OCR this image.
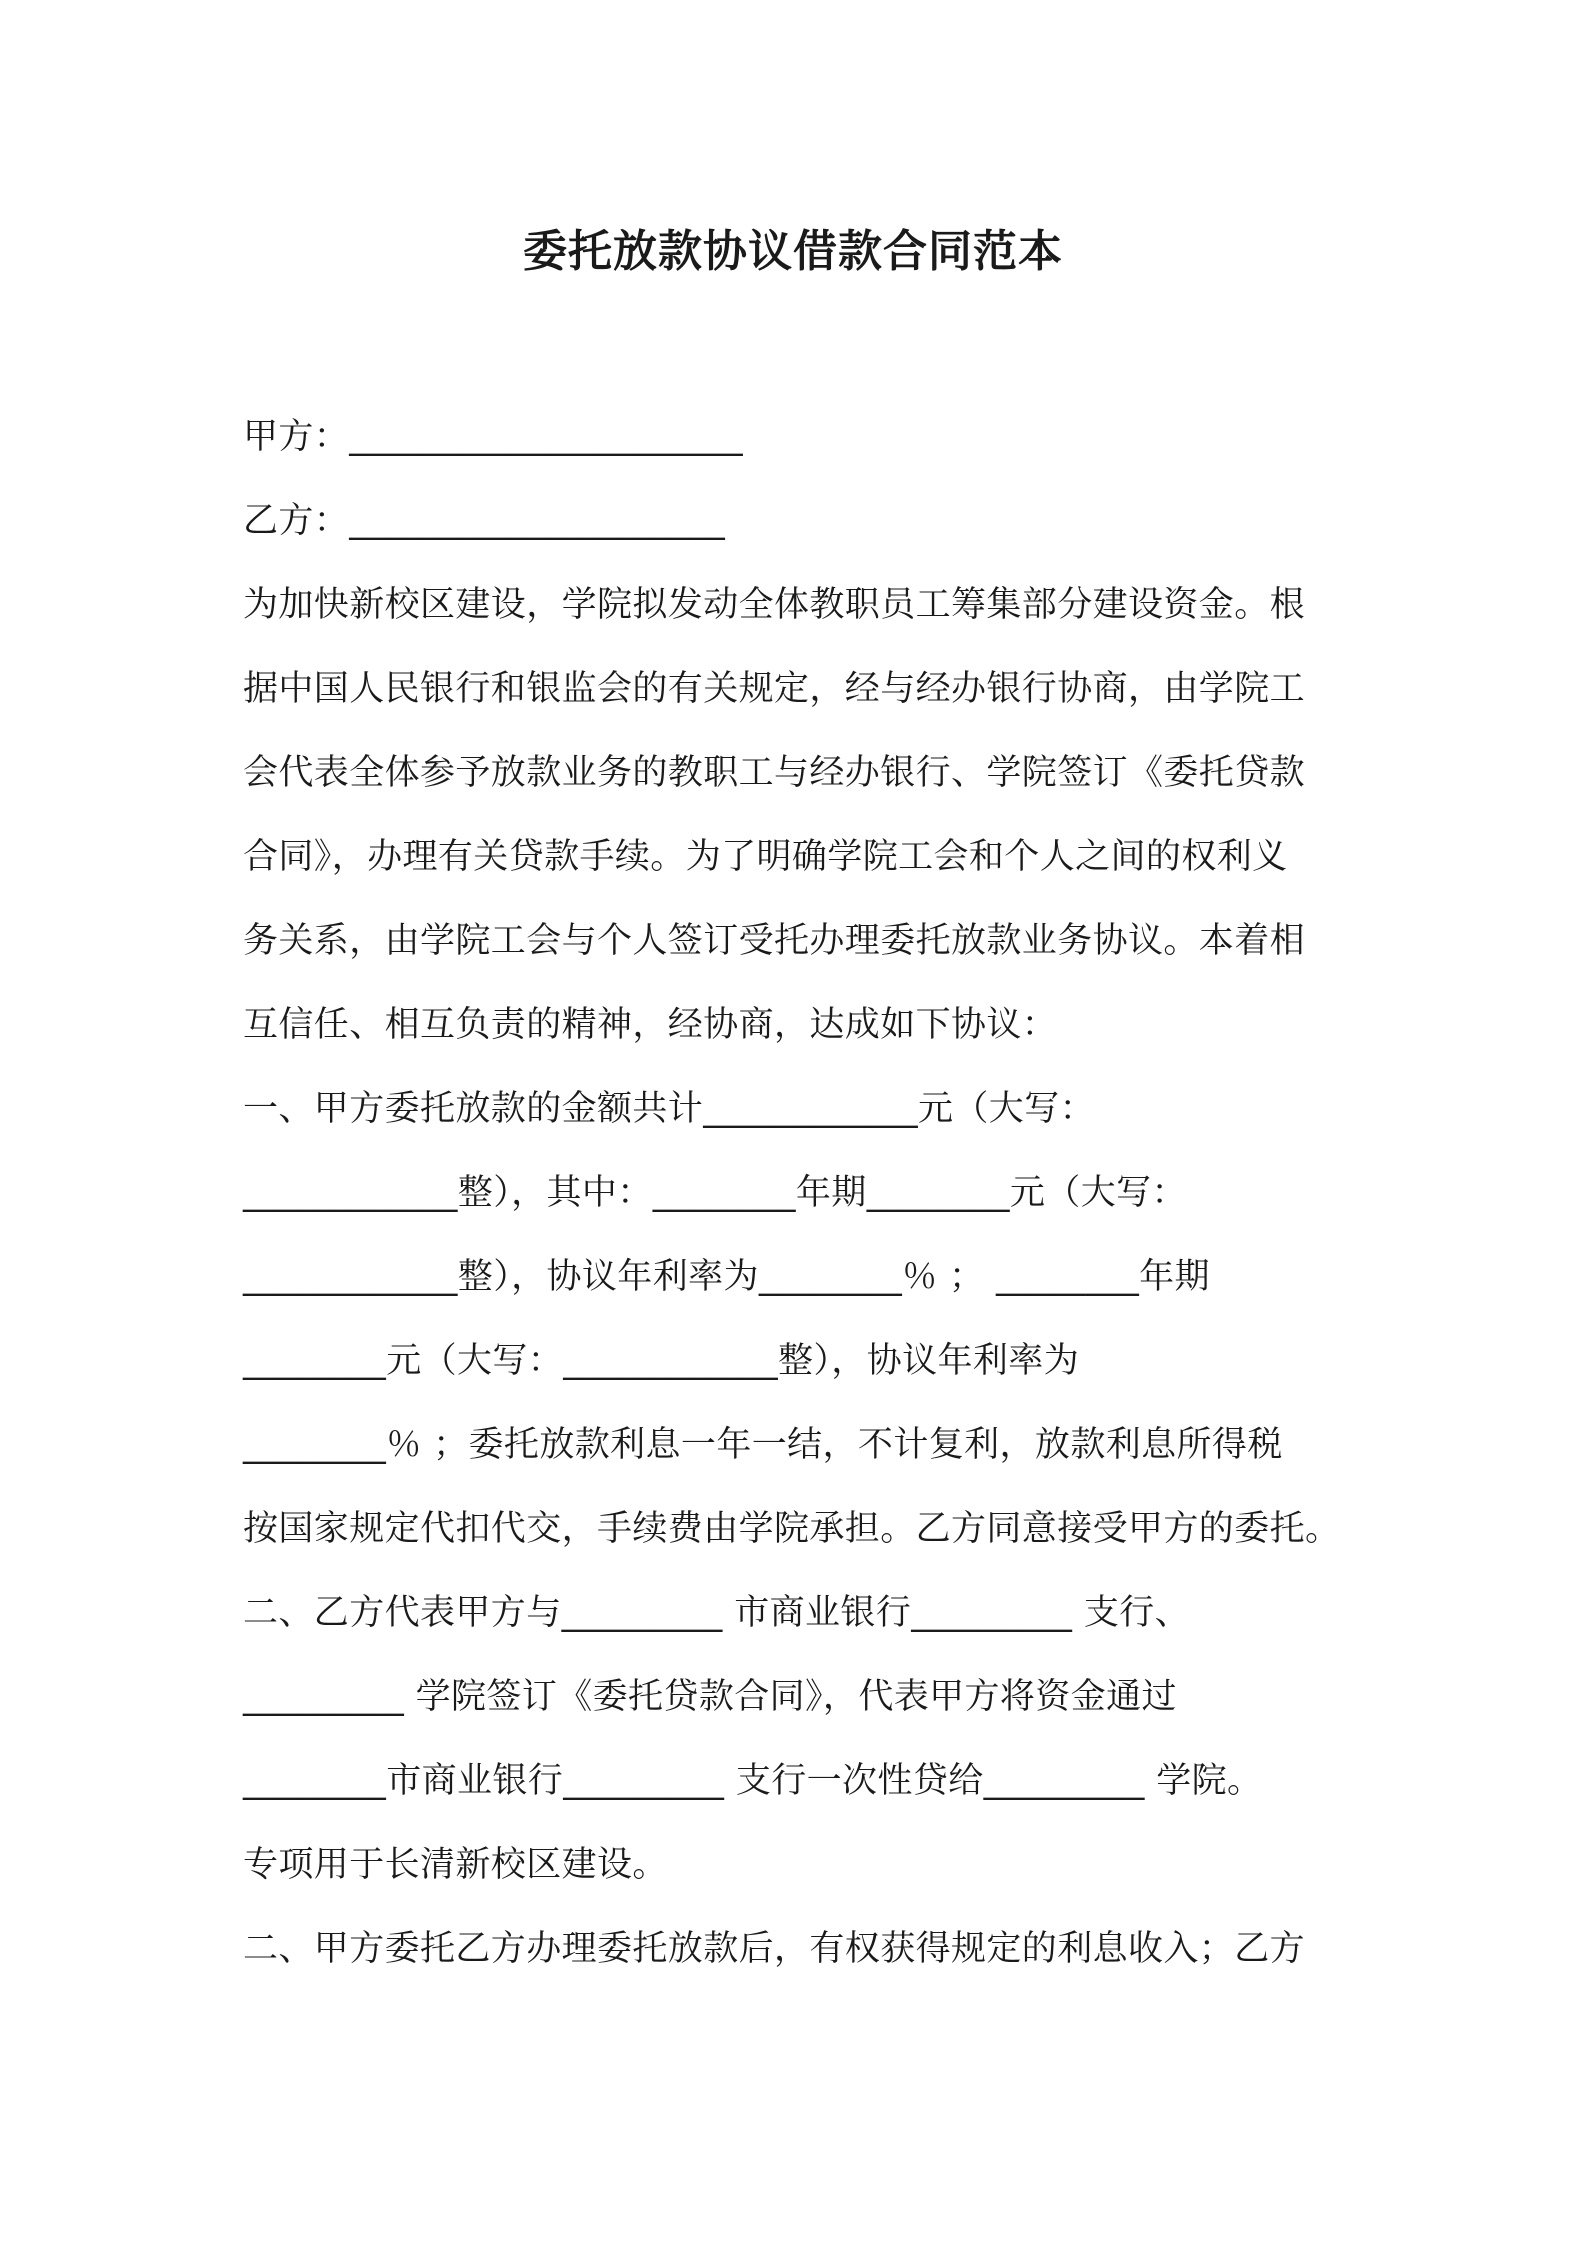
委托放款协议借款合同范本
甲方：______________________
乙方：_____________________
为加快新校区建设，学院拟发动全体教职员工筹集部分建设资金。根
据中国人民银行和银监会的有关规定，经与经办银行协商，由学院工
会代表全体参予放款业务的教职工与经办银行、学院签订《委托贷款
合同》，办理有关贷款手续。为了明确学院工会和个人之间的权利义
务关系，由学院工会与个人签订受托办理委托放款业务协议。本着相
互信任、相互负责的精神，经协商，达成如下协议：
一、甲方委托放款的金额共计____________元（大写：
____________整），其中：________年期________元（大写：
____________整），协议年利率为________％ ； ________年期
________元（大写：____________整），协议年利率为
________％ ；委托放款利息一年一结，不计复利，放款利息所得税
按国家规定代扣代交，手续费由学院承担。乙方同意接受甲方的委托。
二、乙方代表甲方与_________ 市商业银行_________ 支行、
_________ 学院签订《委托贷款合同》，代表甲方将资金通过
________市商业银行_________ 支行一次性贷给_________ 学院。
专项用于长清新校区建设。
二、甲方委托乙方办理委托放款后，有权获得规定的利息收入；乙方
